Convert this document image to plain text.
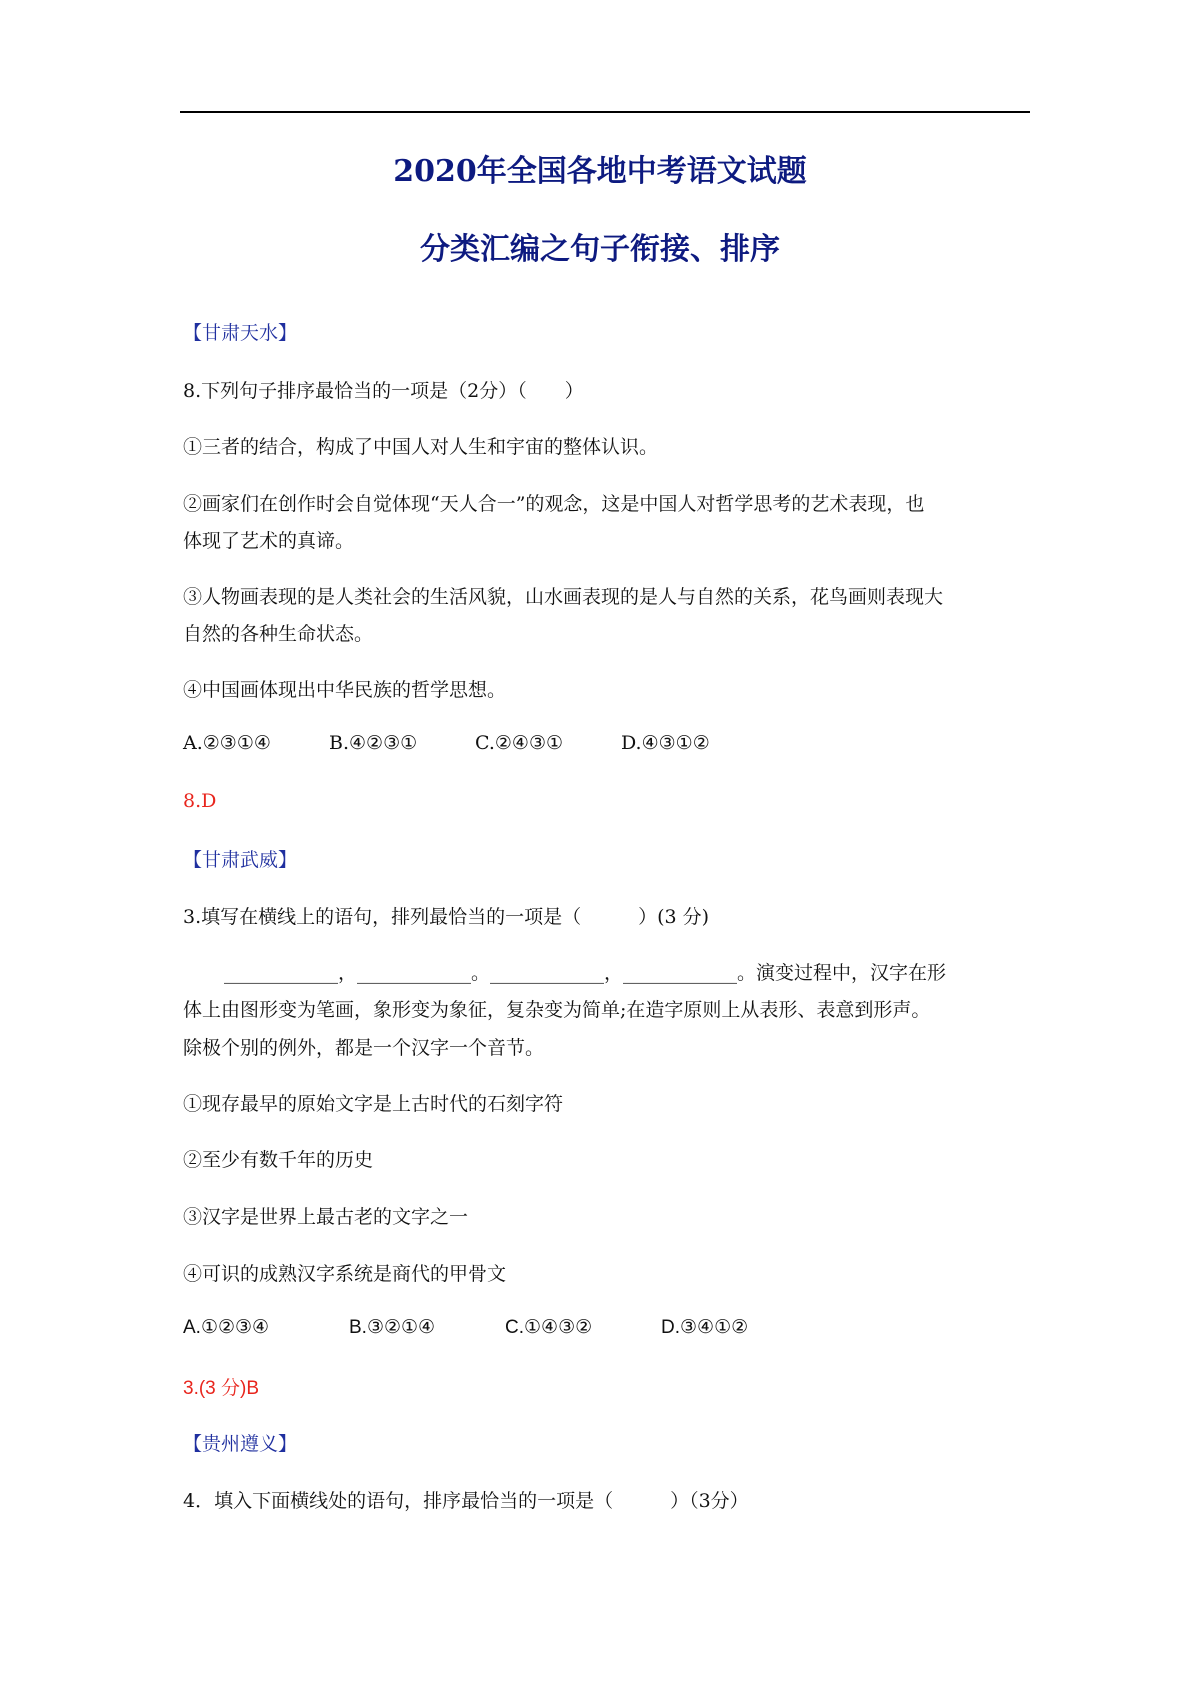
2020年全国各地中考语文试题
分类汇编之句子衔接、排序
【甘肃天水】
8.下列句子排序最恰当的一项是（2分）（　　）
①三者的结合，构成了中国人对人生和宇宙的整体认识。
②画家们在创作时会自觉体现“天人合一”的观念，这是中国人对哲学思考的艺术表现，也
体现了艺术的真谛。
③人物画表现的是人类社会的生活风貌，山水画表现的是人与自然的关系，花鸟画则表现大
自然的各种生命状态。
④中国画体现出中华民族的哲学思想。
A.②③①④	B.④②③①	C.②④③①	D.④③①②
8.D
【甘肃武威】
3.填写在横线上的语句，排列最恰当的一项是（　　　）(3 分)
____________，____________。____________，____________。演变过程中，汉字在形
体上由图形变为笔画，象形变为象征，复杂变为简单;在造字原则上从表形、表意到形声。
除极个别的例外，都是一个汉字一个音节。
①现存最早的原始文字是上古时代的石刻字符
②至少有数千年的历史
③汉字是世界上最古老的文字之一
④可识的成熟汉字系统是商代的甲骨文
A.①②③④	B.③②①④	C.①④③②	D.③④①②
3.(3 分)B
【贵州遵义】
4．填入下面横线处的语句，排序最恰当的一项是（　　　）（3分）
